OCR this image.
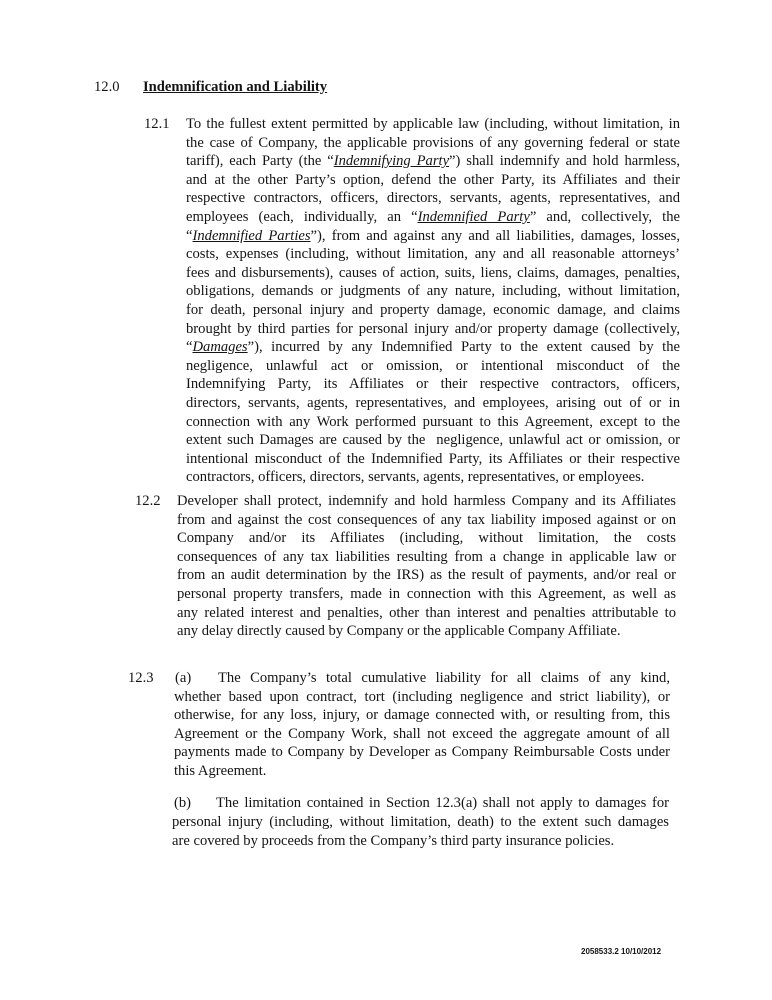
12.0 Indemnification and Liability
12.1 To the fullest extent permitted by applicable law (including, without limitation, in
the case of Company, the applicable provisions of any governing federal or state
tariff), each Party (the “Indemnifying Party”) shall indemnify and hold harmless,
and at the other Party’s option, defend the other Party, its Affiliates and their
respective contractors, officers, directors, servants, agents, representatives, and
employees (each, individually, an “Indemnified Party” and, collectively, the
“Indemnified Parties”), from and against any and all liabilities, damages, losses,
costs, expenses (including, without limitation, any and all reasonable attorneys’
fees and disbursements), causes of action, suits, liens, claims, damages, penalties,
obligations, demands or judgments of any nature, including, without limitation,
for death, personal injury and property damage, economic damage, and claims
brought by third parties for personal injury and/or property damage (collectively,
“Damages”), incurred by any Indemnified Party to the extent caused by the
negligence, unlawful act or omission, or intentional misconduct of the
Indemnifying Party, its Affiliates or their respective contractors, officers,
directors, servants, agents, representatives, and employees, arising out of or in
connection with any Work performed pursuant to this Agreement, except to the
extent such Damages are caused by the  negligence, unlawful act or omission, or
intentional misconduct of the Indemnified Party, its Affiliates or their respective
contractors, officers, directors, servants, agents, representatives, or employees.
12.2 Developer shall protect, indemnify and hold harmless Company and its Affiliates
from and against the cost consequences of any tax liability imposed against or on
Company and/or its Affiliates (including, without limitation, the costs
consequences of any tax liabilities resulting from a change in applicable law or
from an audit determination by the IRS) as the result of payments, and/or real or
personal property transfers, made in connection with this Agreement, as well as
any related interest and penalties, other than interest and penalties attributable to
any delay directly caused by Company or the applicable Company Affiliate.
12.3 (a) The Company’s total cumulative liability for all claims of any kind,
whether based upon contract, tort (including negligence and strict liability), or
otherwise, for any loss, injury, or damage connected with, or resulting from, this
Agreement or the Company Work, shall not exceed the aggregate amount of all
payments made to Company by Developer as Company Reimbursable Costs under
this Agreement.
(b) The limitation contained in Section 12.3(a) shall not apply to damages for
personal injury (including, without limitation, death) to the extent such damages
are covered by proceeds from the Company’s third party insurance policies.
2058533.2 10/10/2012
